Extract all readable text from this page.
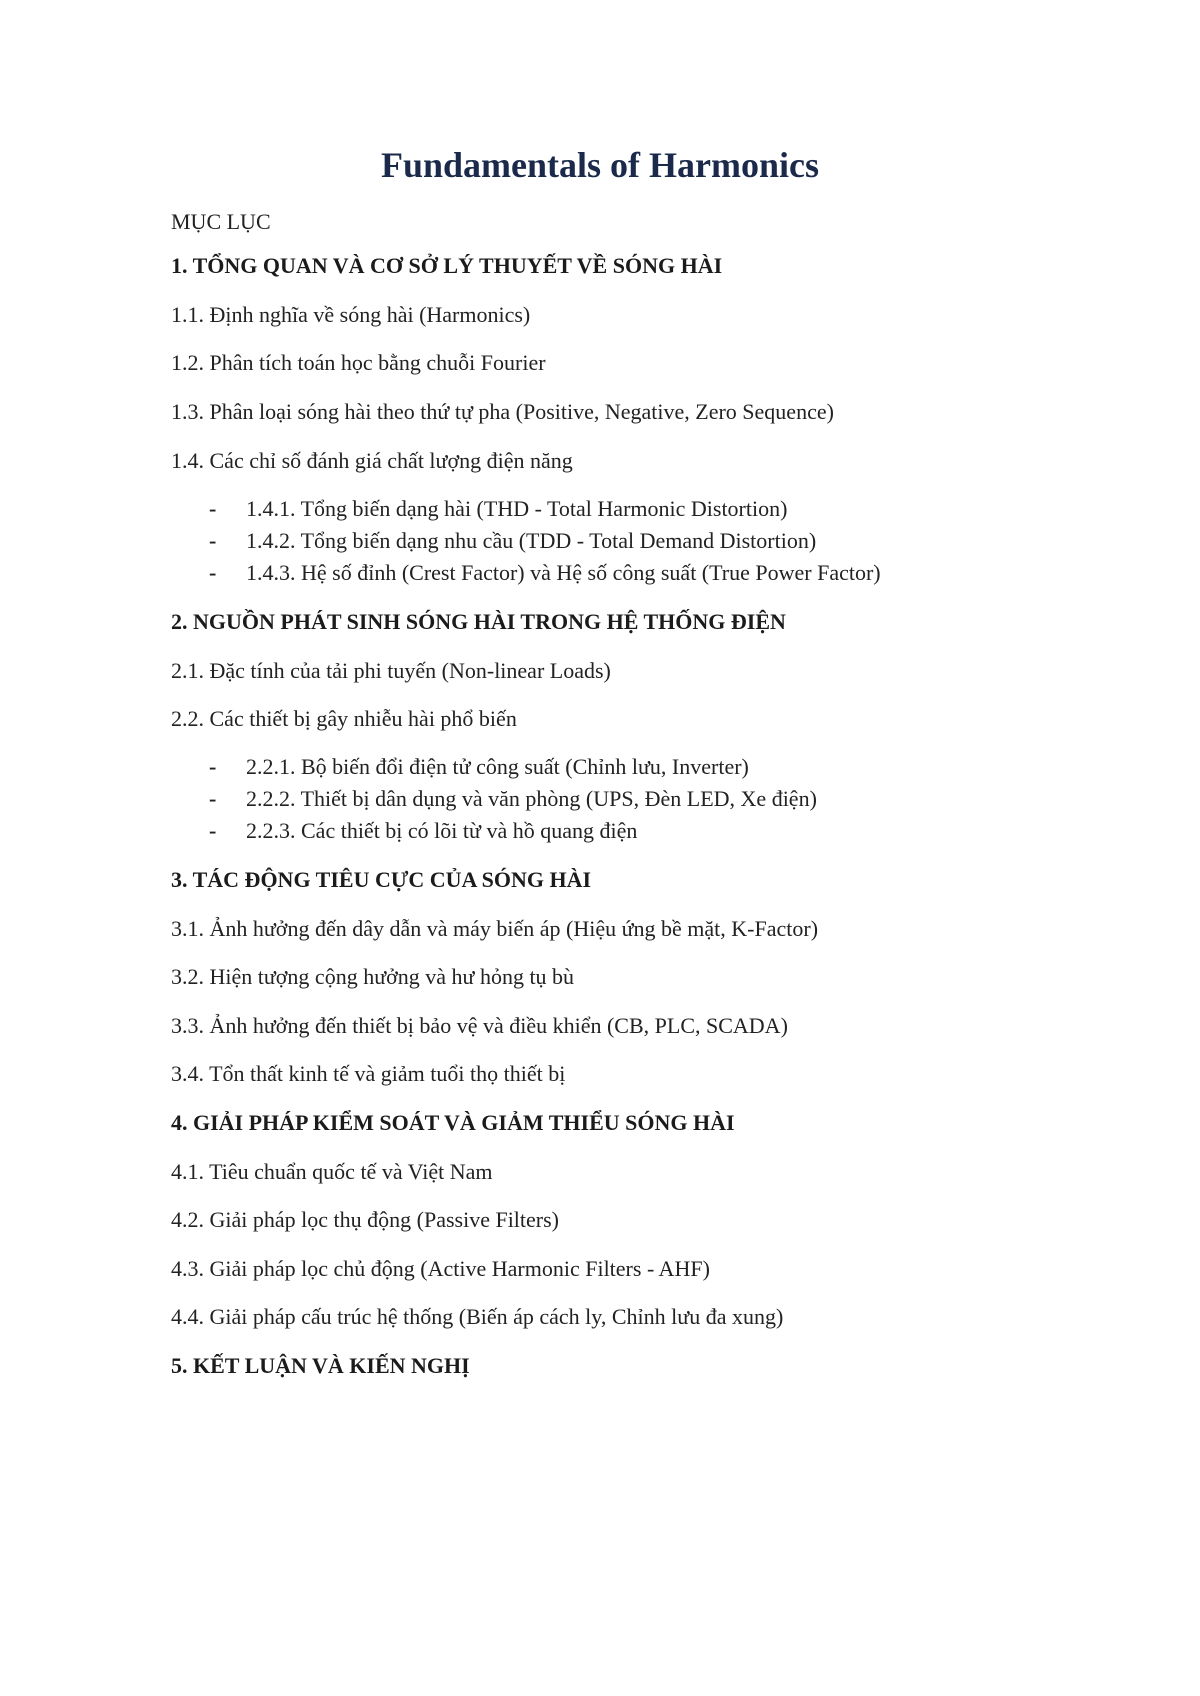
Fundamentals of Harmonics
MỤC LỤC
1. TỔNG QUAN VÀ CƠ SỞ LÝ THUYẾT VỀ SÓNG HÀI
1.1. Định nghĩa về sóng hài (Harmonics)
1.2. Phân tích toán học bằng chuỗi Fourier
1.3. Phân loại sóng hài theo thứ tự pha (Positive, Negative, Zero Sequence)
1.4. Các chỉ số đánh giá chất lượng điện năng
- 1.4.1. Tổng biến dạng hài (THD - Total Harmonic Distortion)
- 1.4.2. Tổng biến dạng nhu cầu (TDD - Total Demand Distortion)
- 1.4.3. Hệ số đỉnh (Crest Factor) và Hệ số công suất (True Power Factor)
2. NGUỒN PHÁT SINH SÓNG HÀI TRONG HỆ THỐNG ĐIỆN
2.1. Đặc tính của tải phi tuyến (Non-linear Loads)
2.2. Các thiết bị gây nhiễu hài phổ biến
- 2.2.1. Bộ biến đổi điện tử công suất (Chỉnh lưu, Inverter)
- 2.2.2. Thiết bị dân dụng và văn phòng (UPS, Đèn LED, Xe điện)
- 2.2.3. Các thiết bị có lõi từ và hồ quang điện
3. TÁC ĐỘNG TIÊU CỰC CỦA SÓNG HÀI
3.1. Ảnh hưởng đến dây dẫn và máy biến áp (Hiệu ứng bề mặt, K-Factor)
3.2. Hiện tượng cộng hưởng và hư hỏng tụ bù
3.3. Ảnh hưởng đến thiết bị bảo vệ và điều khiển (CB, PLC, SCADA)
3.4. Tổn thất kinh tế và giảm tuổi thọ thiết bị
4. GIẢI PHÁP KIỂM SOÁT VÀ GIẢM THIỂU SÓNG HÀI
4.1. Tiêu chuẩn quốc tế và Việt Nam
4.2. Giải pháp lọc thụ động (Passive Filters)
4.3. Giải pháp lọc chủ động (Active Harmonic Filters - AHF)
4.4. Giải pháp cấu trúc hệ thống (Biến áp cách ly, Chỉnh lưu đa xung)
5. KẾT LUẬN VÀ KIẾN NGHỊ
